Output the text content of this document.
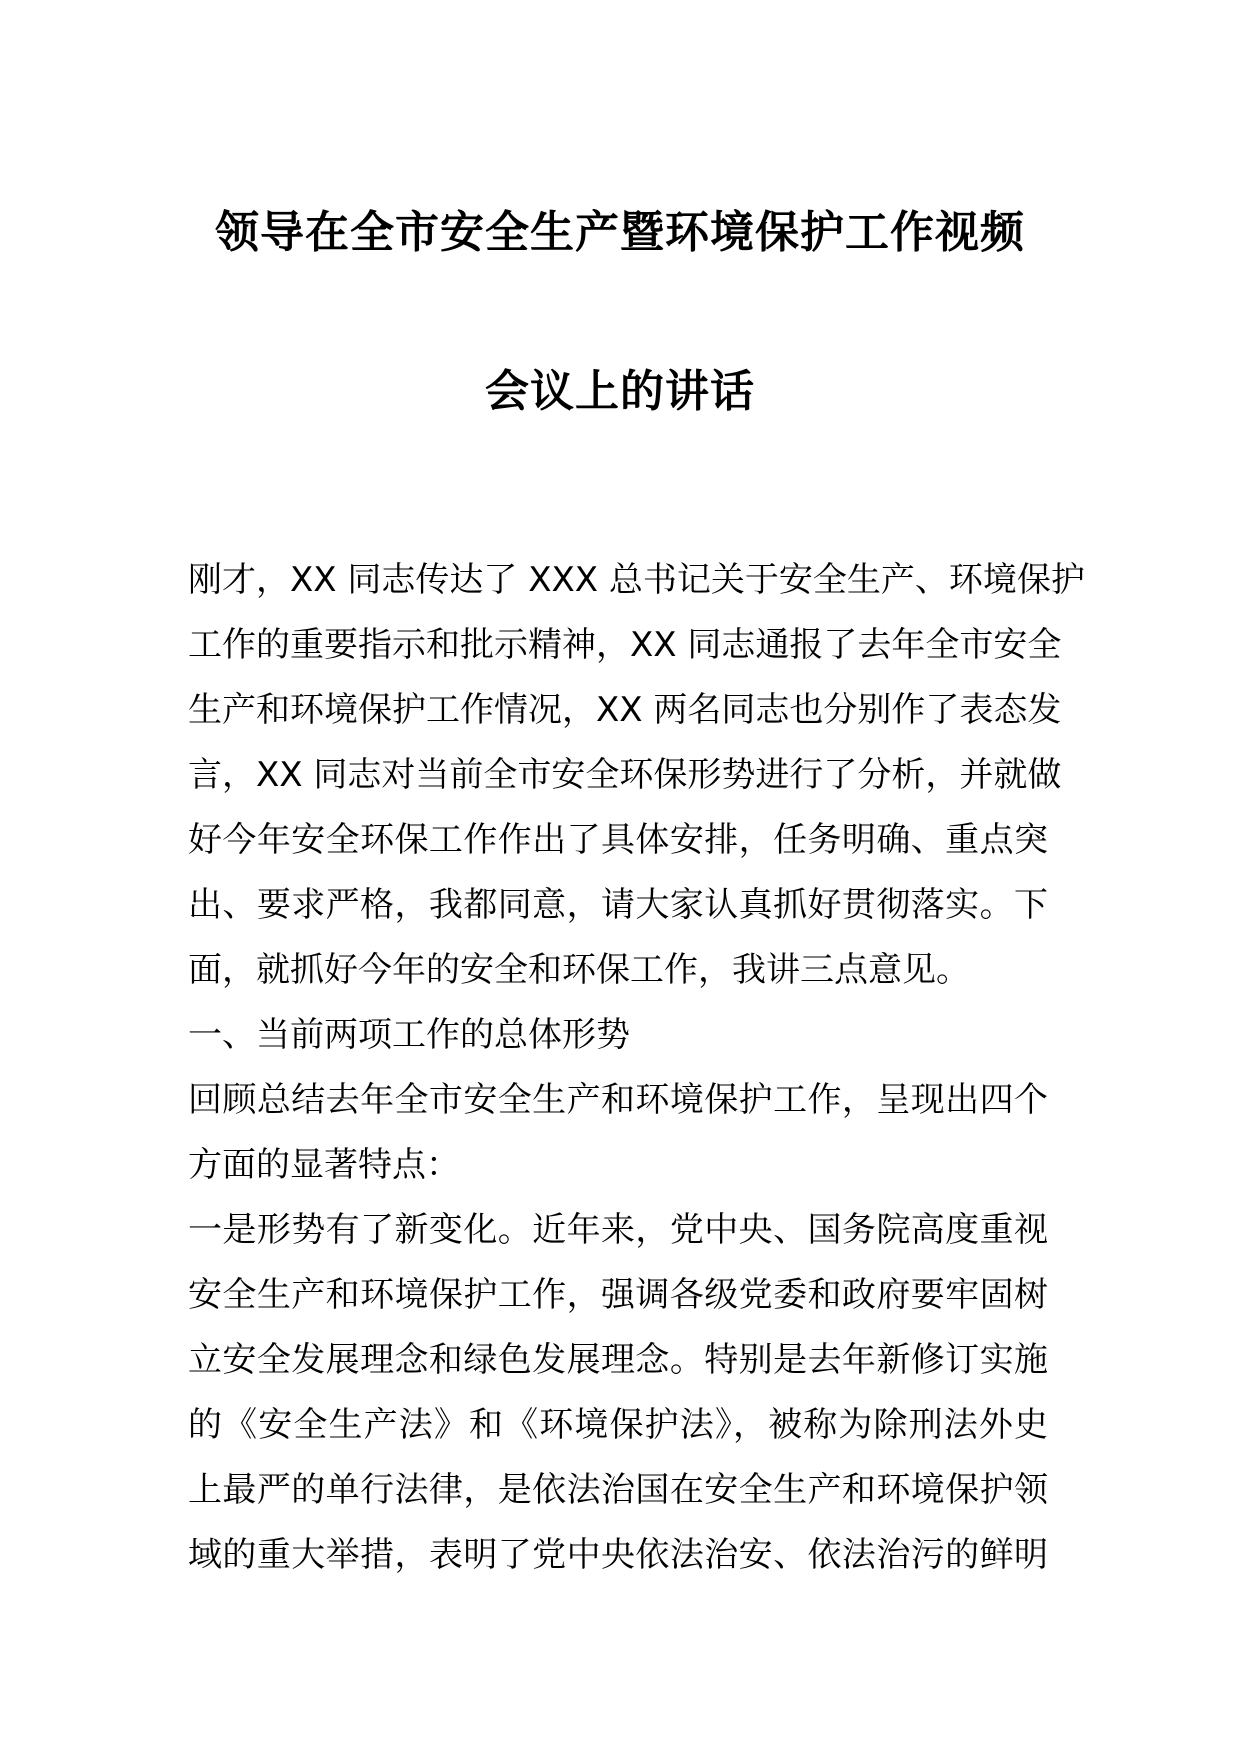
领导在全市安全生产暨环境保护工作视频
会议上的讲话
刚才，XX 同志传达了 XXX 总书记关于安全生产、环境保护
工作的重要指示和批示精神，XX 同志通报了去年全市安全
生产和环境保护工作情况，XX 两名同志也分别作了表态发
言，XX 同志对当前全市安全环保形势进行了分析，并就做
好今年安全环保工作作出了具体安排，任务明确、重点突
出、要求严格，我都同意，请大家认真抓好贯彻落实。下
面，就抓好今年的安全和环保工作，我讲三点意见。
一、当前两项工作的总体形势
回顾总结去年全市安全生产和环境保护工作，呈现出四个
方面的显著特点：
一是形势有了新变化。近年来，党中央、国务院高度重视
安全生产和环境保护工作，强调各级党委和政府要牢固树
立安全发展理念和绿色发展理念。特别是去年新修订实施
的《安全生产法》和《环境保护法》，被称为除刑法外史
上最严的单行法律，是依法治国在安全生产和环境保护领
域的重大举措，表明了党中央依法治安、依法治污的鲜明
